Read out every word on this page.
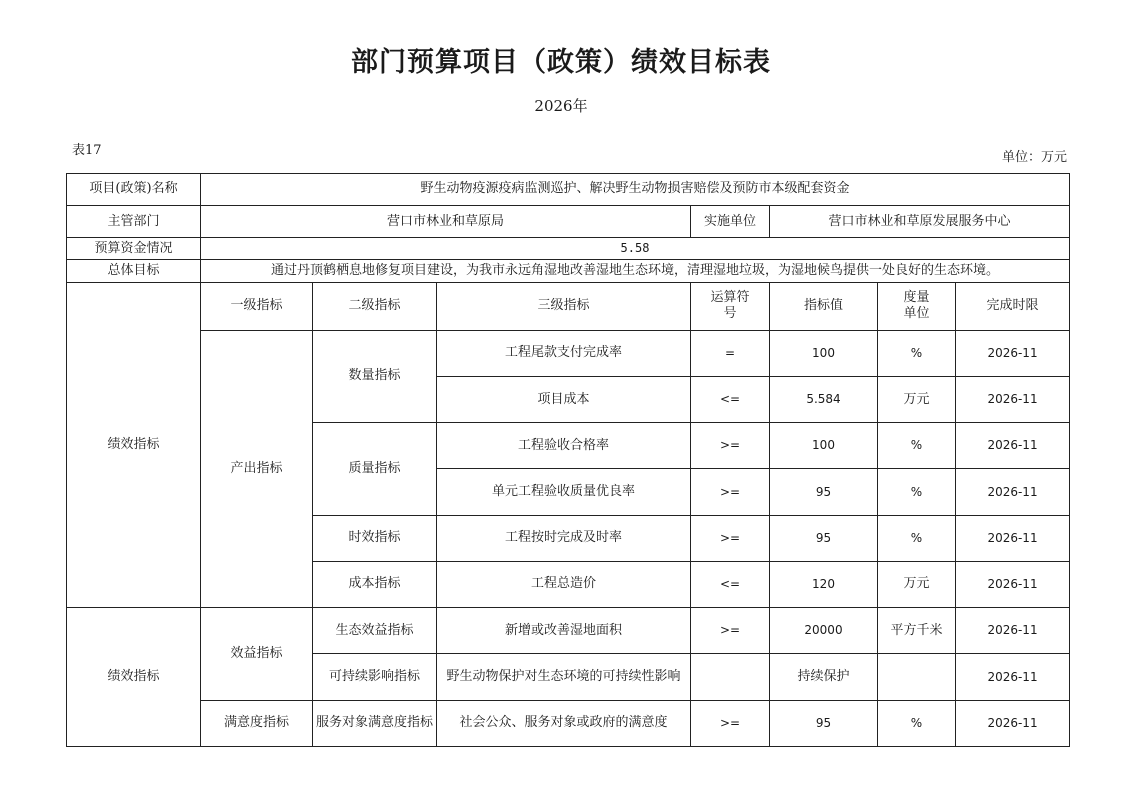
部门预算项目（政策）绩效目标表
2026年
表17	单位：万元
项目(政策)名称	野生动物疫源疫病监测巡护、解决野生动物损害赔偿及预防市本级配套资金						
主管部门	营口市林业和草原局			实施单位	营口市林业和草原发展服务中心		
预算资金情况	5.58						
总体目标	通过丹顶鹤栖息地修复项目建设，为我市永远角湿地改善湿地生态环境，清理湿地垃圾，为湿地候鸟提供一处良好的生态环境。						
绩效指标	一级指标	二级指标	三级指标	运算符号	指标值	度量单位	完成时限
	产出指标	数量指标	工程尾款支付完成率	=	100	%	2026-11
			项目成本	<=	5.584	万元	2026-11
		质量指标	工程验收合格率	>=	100	%	2026-11
			单元工程验收质量优良率	>=	95	%	2026-11
		时效指标	工程按时完成及时率	>=	95	%	2026-11
		成本指标	工程总造价	<=	120	万元	2026-11
绩效指标	效益指标	生态效益指标	新增或改善湿地面积	>=	20000	平方千米	2026-11
		可持续影响指标	野生动物保护对生态环境的可持续性影响		持续保护		2026-11
	满意度指标	服务对象满意度指标	社会公众、服务对象或政府的满意度	>=	95	%	2026-11
